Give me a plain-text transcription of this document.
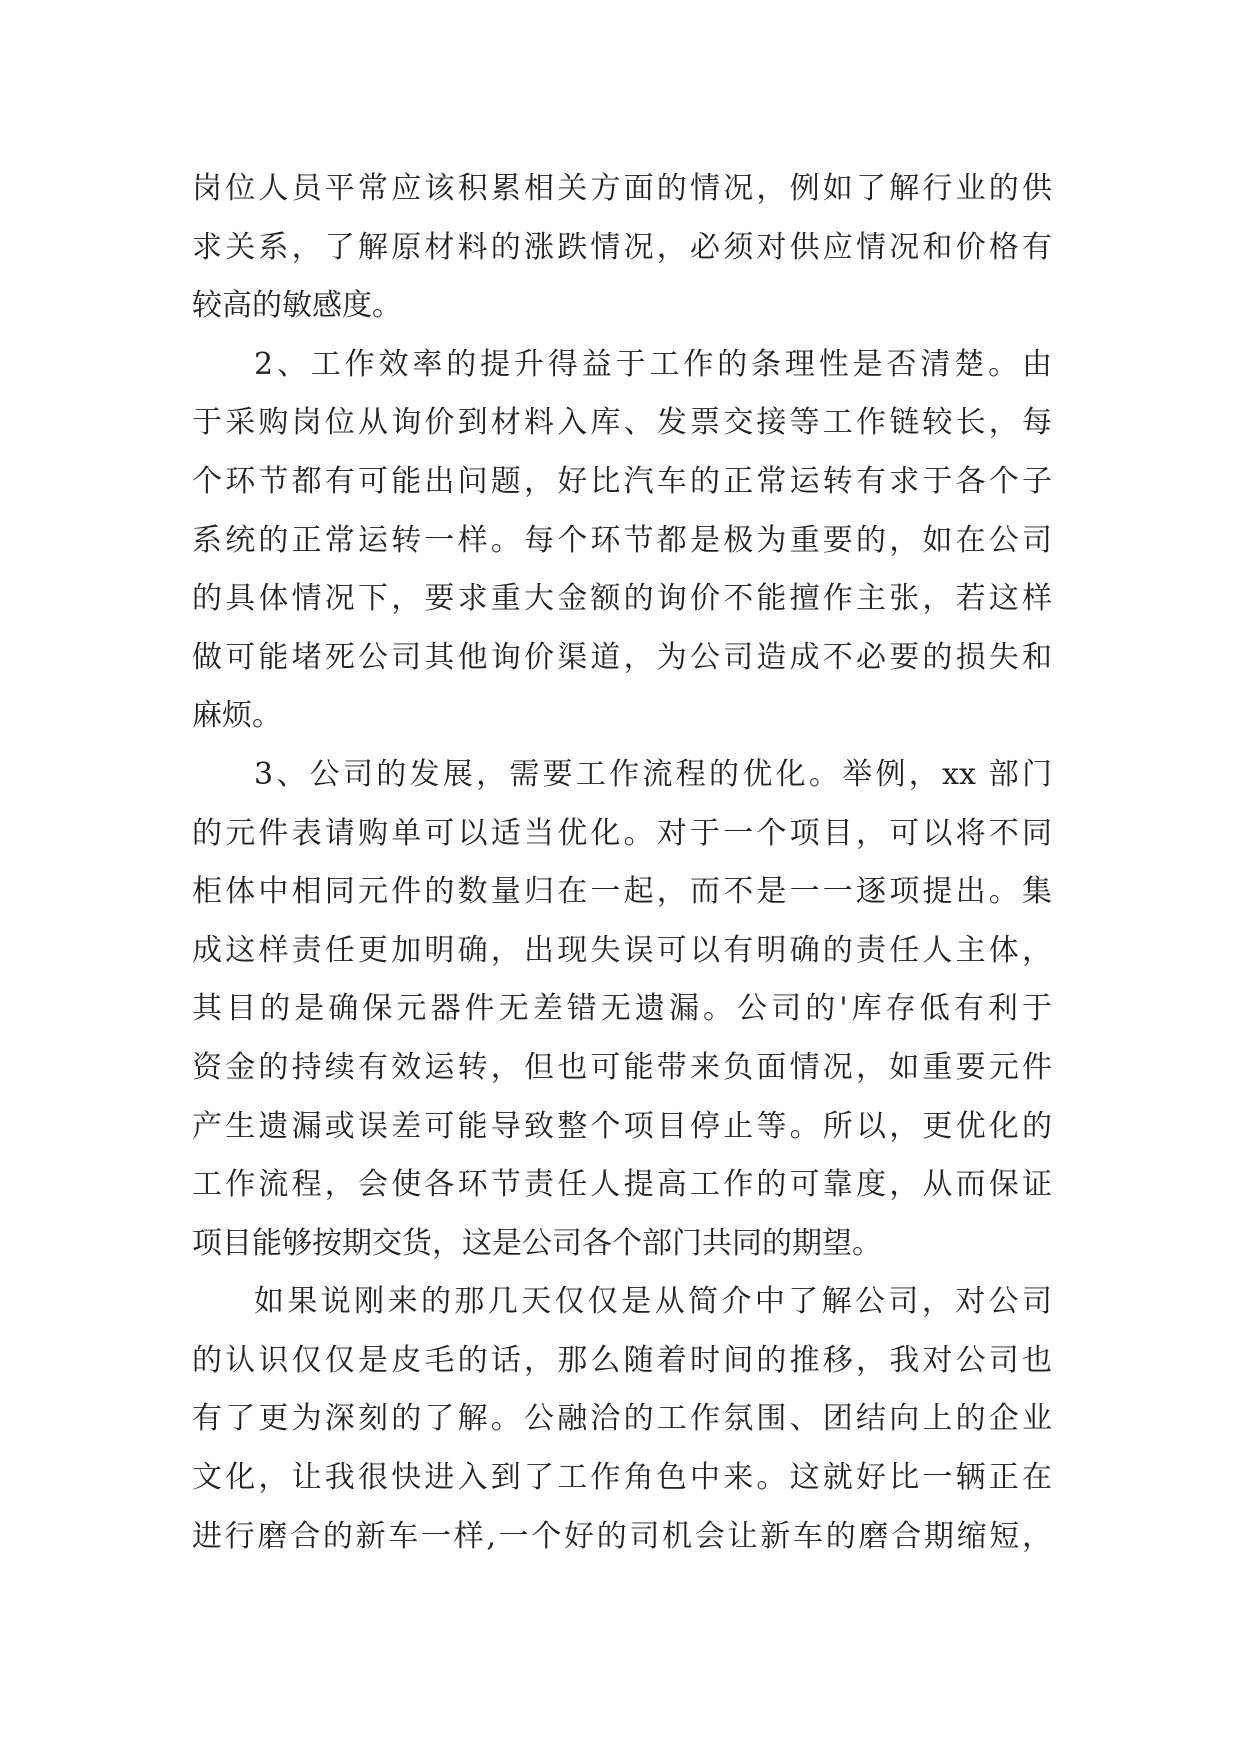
岗位人员平常应该积累相关方面的情况，例如了解行业的供
求关系，了解原材料的涨跌情况，必须对供应情况和价格有
较高的敏感度。
2、工作效率的提升得益于工作的条理性是否清楚。由
于采购岗位从询价到材料入库、发票交接等工作链较长，每
个环节都有可能出问题，好比汽车的正常运转有求于各个子
系统的正常运转一样。每个环节都是极为重要的，如在公司
的具体情况下，要求重大金额的询价不能擅作主张，若这样
做可能堵死公司其他询价渠道，为公司造成不必要的损失和
麻烦。
3、公司的发展，需要工作流程的优化。举例，xx 部门
的元件表请购单可以适当优化。对于一个项目，可以将不同
柜体中相同元件的数量归在一起，而不是一一逐项提出。集
成这样责任更加明确，出现失误可以有明确的责任人主体，
其目的是确保元器件无差错无遗漏。公司的'库存低有利于
资金的持续有效运转，但也可能带来负面情况，如重要元件
产生遗漏或误差可能导致整个项目停止等。所以，更优化的
工作流程，会使各环节责任人提高工作的可靠度，从而保证
项目能够按期交货，这是公司各个部门共同的期望。
如果说刚来的那几天仅仅是从简介中了解公司，对公司
的认识仅仅是皮毛的话，那么随着时间的推移，我对公司也
有了更为深刻的了解。公融洽的工作氛围、团结向上的企业
文化，让我很快进入到了工作角色中来。这就好比一辆正在
进行磨合的新车一样,一个好的司机会让新车的磨合期缩短，
